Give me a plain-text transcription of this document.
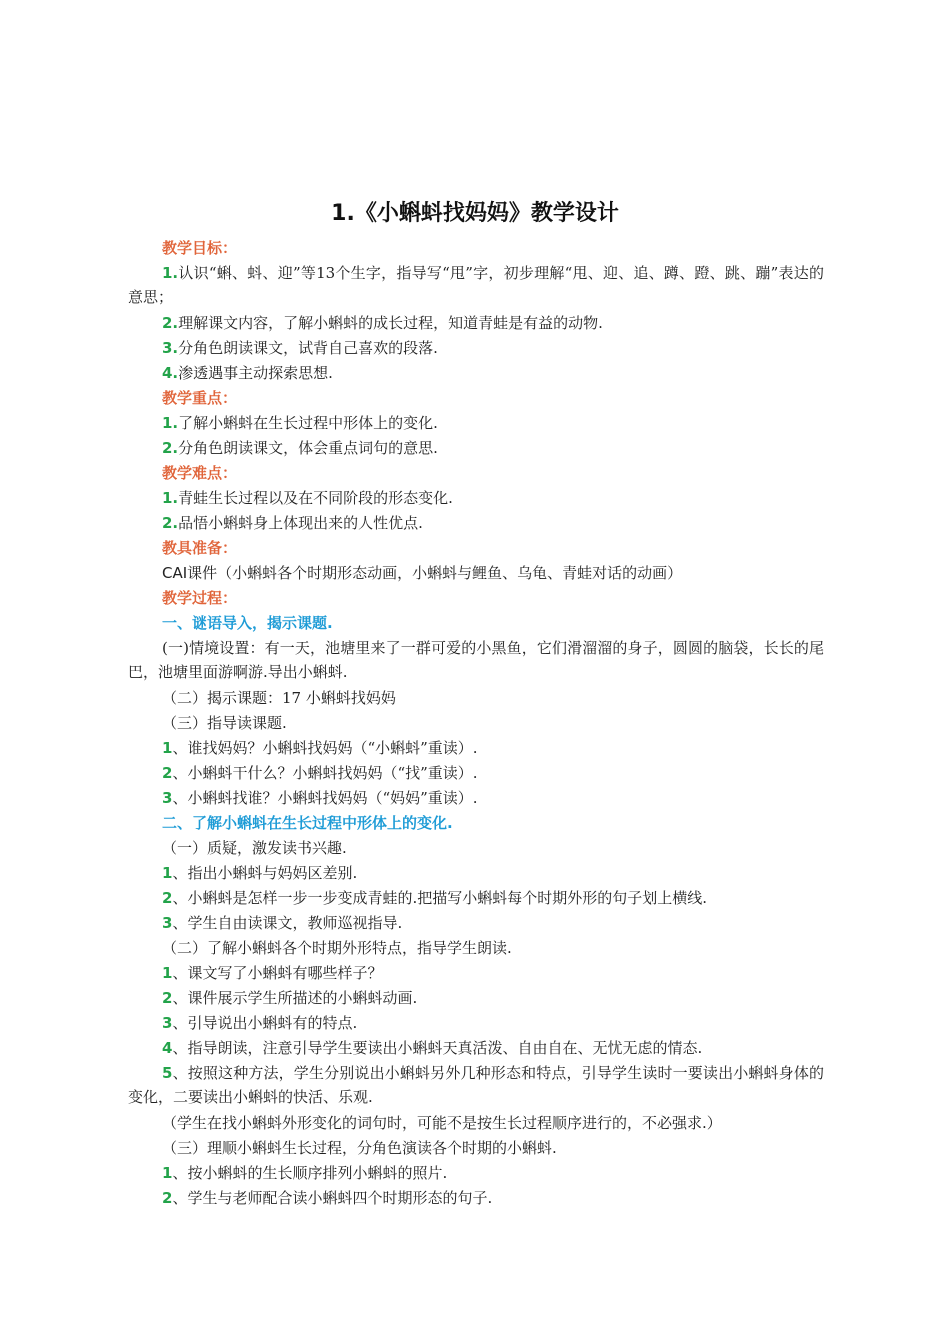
1.《小蝌蚪找妈妈》教学设计
教学目标：
1.认识“蝌、蚪、迎”等13个生字，指导写“甩”字，初步理解“甩、迎、追、蹲、蹬、跳、蹦”表达的意思；
2.理解课文内容，了解小蝌蚪的成长过程，知道青蛙是有益的动物.
3.分角色朗读课文，试背自己喜欢的段落.
4.渗透遇事主动探索思想.
教学重点：
1.了解小蝌蚪在生长过程中形体上的变化.
2.分角色朗读课文，体会重点词句的意思.
教学难点：
1.青蛙生长过程以及在不同阶段的形态变化.
2.品悟小蝌蚪身上体现出来的人性优点.
教具准备：
CAI课件（小蝌蚪各个时期形态动画，小蝌蚪与鲤鱼、乌龟、青蛙对话的动画）
教学过程：
一、谜语导入，揭示课题.
(一)情境设置：有一天，池塘里来了一群可爱的小黑鱼，它们滑溜溜的身子，圆圆的脑袋，长长的尾巴，池塘里面游啊游.导出小蝌蚪.
（二）揭示课题：17 小蝌蚪找妈妈
（三）指导读课题.
1、谁找妈妈？小蝌蚪找妈妈（“小蝌蚪”重读）.
2、小蝌蚪干什么？小蝌蚪找妈妈（“找”重读）.
3、小蝌蚪找谁？小蝌蚪找妈妈（“妈妈”重读）.
二、了解小蝌蚪在生长过程中形体上的变化.
（一）质疑，激发读书兴趣.
1、指出小蝌蚪与妈妈区差别.
2、小蝌蚪是怎样一步一步变成青蛙的.把描写小蝌蚪每个时期外形的句子划上横线.
3、学生自由读课文，教师巡视指导.
（二）了解小蝌蚪各个时期外形特点，指导学生朗读.
1、课文写了小蝌蚪有哪些样子？
2、课件展示学生所描述的小蝌蚪动画.
3、引导说出小蝌蚪有的特点.
4、指导朗读，注意引导学生要读出小蝌蚪天真活泼、自由自在、无忧无虑的情态.
5、按照这种方法，学生分别说出小蝌蚪另外几种形态和特点，引导学生读时一要读出小蝌蚪身体的变化，二要读出小蝌蚪的快活、乐观.
（学生在找小蝌蚪外形变化的词句时，可能不是按生长过程顺序进行的，不必强求.）
（三）理顺小蝌蚪生长过程，分角色演读各个时期的小蝌蚪.
1、按小蝌蚪的生长顺序排列小蝌蚪的照片.
2、学生与老师配合读小蝌蚪四个时期形态的句子.
